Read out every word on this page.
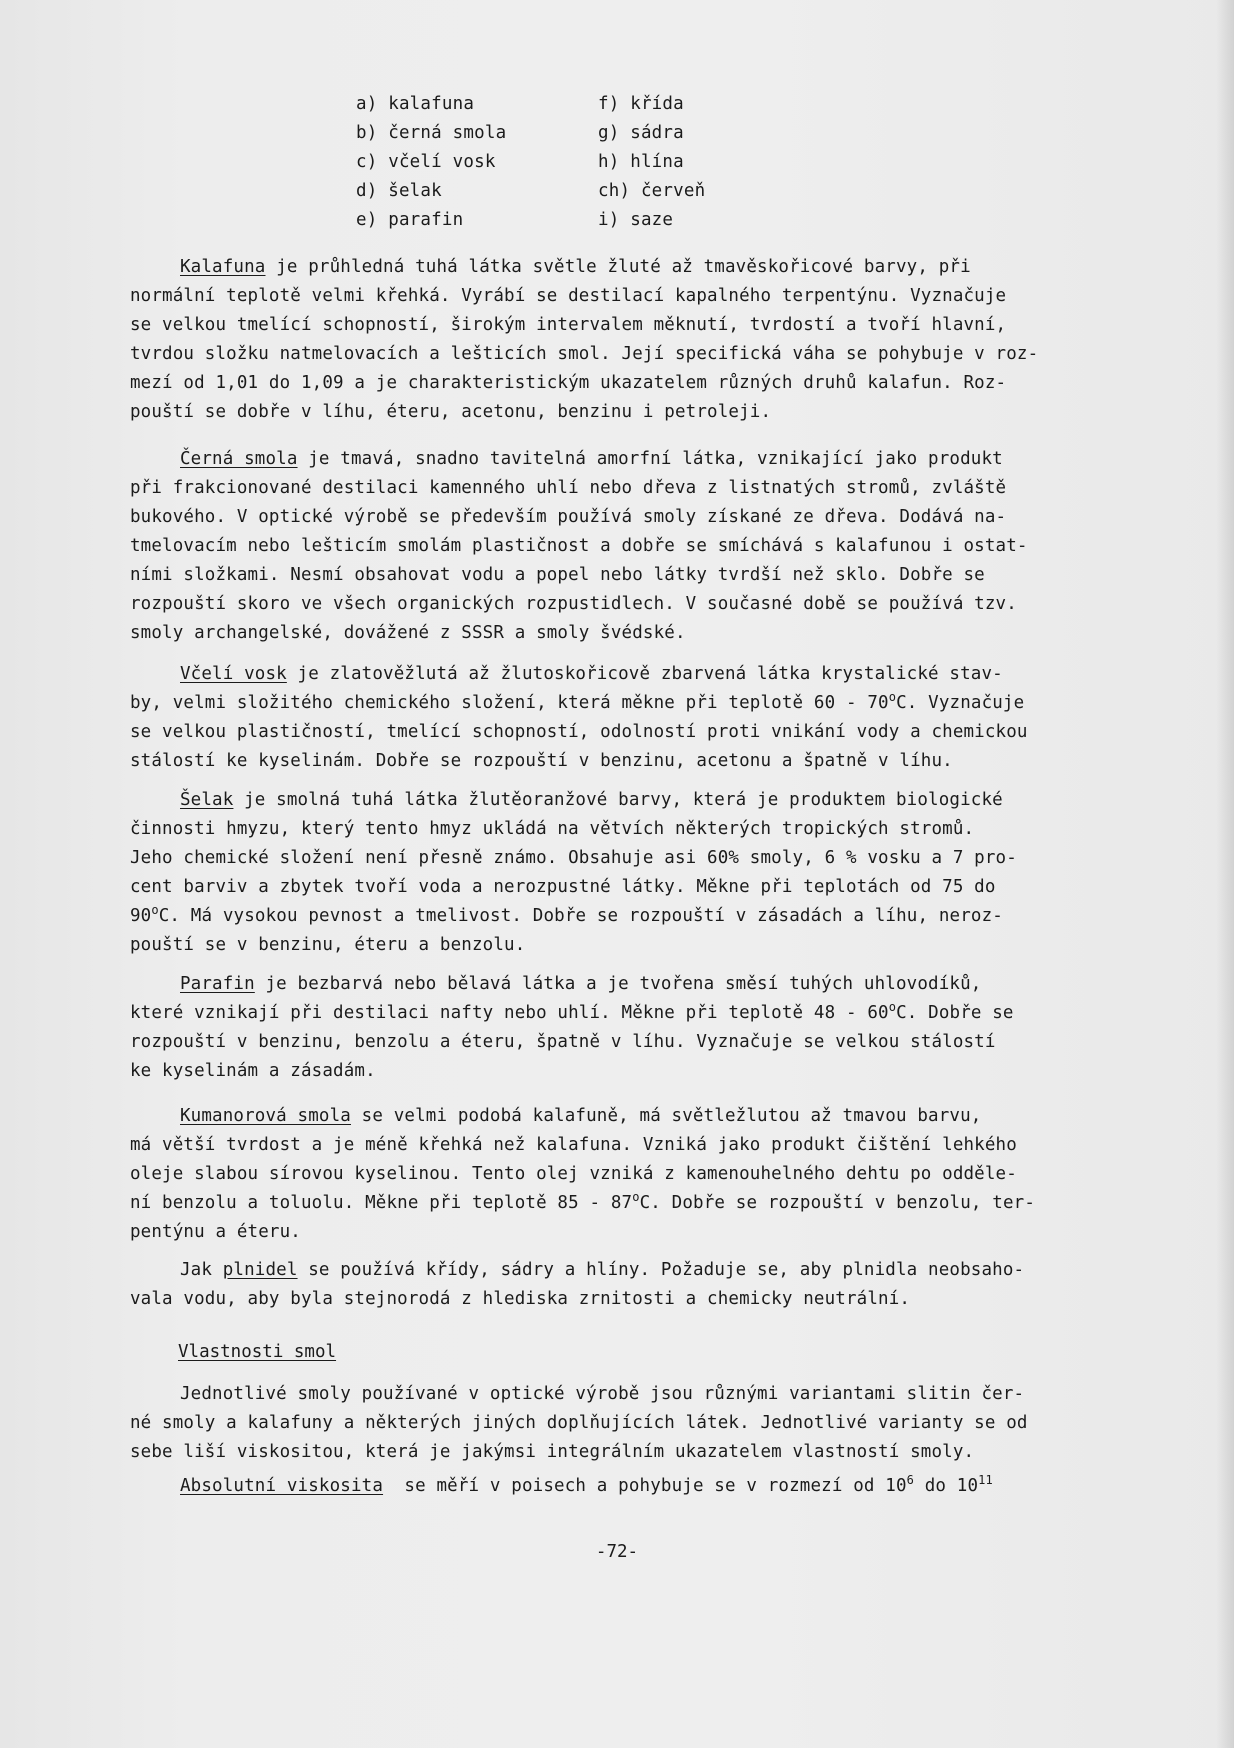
a) kalafuna
b) černá smola
c) včelí vosk
d) šelak
e) parafin
f) křída
g) sádra
h) hlína
ch) červeň
i) saze
Kalafuna je průhledná tuhá látka světle žluté až tmavěskořicové barvy, při
normální teplotě velmi křehká. Vyrábí se destilací kapalného terpentýnu. Vyznačuje
se velkou tmelící schopností, širokým intervalem měknutí, tvrdostí a tvoří hlavní,
tvrdou složku natmelovacích a lešticích smol. Její specifická váha se pohybuje v roz-
mezí od 1,01 do 1,09 a je charakteristickým ukazatelem různých druhů kalafun. Roz-
pouští se dobře v líhu, éteru, acetonu, benzinu i petroleji.
Černá smola je tmavá, snadno tavitelná amorfní látka, vznikající jako produkt
při frakcionované destilaci kamenného uhlí nebo dřeva z listnatých stromů, zvláště
bukového. V optické výrobě se především používá smoly získané ze dřeva. Dodává na-
tmelovacím nebo lešticím smolám plastičnost a dobře se smíchává s kalafunou i ostat-
ními složkami. Nesmí obsahovat vodu a popel nebo látky tvrdší než sklo. Dobře se
rozpouští skoro ve všech organických rozpustidlech. V současné době se používá tzv.
smoly archangelské, dovážené z SSSR a smoly švédské.
Včelí vosk je zlatověžlutá až žlutoskořicově zbarvená látka krystalické stav-
by, velmi složitého chemického složení, která měkne při teplotě 60 - 70$^o$C. Vyznačuje
se velkou plastičností, tmelící schopností, odolností proti vnikání vody a chemickou
stálostí ke kyselinám. Dobře se rozpouští v benzinu, acetonu a špatně v líhu.
Šelak je smolná tuhá látka žlutěoranžové barvy, která je produktem biologické
činnosti hmyzu, který tento hmyz ukládá na větvích některých tropických stromů.
Jeho chemické složení není přesně známo. Obsahuje asi 60% smoly, 6 % vosku a 7 pro-
cent barviv a zbytek tvoří voda a nerozpustné látky. Měkne při teplotách od 75 do
90$^o$C. Má vysokou pevnost a tmelivost. Dobře se rozpouští v zásadách a líhu, neroz-
pouští se v benzinu, éteru a benzolu.
Parafin je bezbarvá nebo bělavá látka a je tvořena směsí tuhých uhlovodíků,
které vznikají při destilaci nafty nebo uhlí. Měkne při teplotě 48 - 60$^o$C. Dobře se
rozpouští v benzinu, benzolu a éteru, špatně v líhu. Vyznačuje se velkou stálostí
ke kyselinám a zásadám.
Kumanorová smola se velmi podobá kalafuně, má světležlutou až tmavou barvu,
má větší tvrdost a je méně křehká než kalafuna. Vzniká jako produkt čištění lehkého
oleje slabou sírovou kyselinou. Tento olej vzniká z kamenouhelného dehtu po odděle-
ní benzolu a toluolu. Měkne při teplotě 85 - 87$^o$C. Dobře se rozpouští v benzolu, ter-
pentýnu a éteru.
Jak plnidel se používá křídy, sádry a hlíny. Požaduje se, aby plnidla neobsaho-
vala vodu, aby byla stejnorodá z hlediska zrnitosti a chemicky neutrální.
Vlastnosti smol
Jednotlivé smoly používané v optické výrobě jsou různými variantami slitin čer-
né smoly a kalafuny a některých jiných doplňujících látek. Jednotlivé varianty se od
sebe liší viskositou, která je jakýmsi integrálním ukazatelem vlastností smoly.
Absolutní viskosita se měří v poisech a pohybuje se v rozmezí od $10^6$ do $10^{11}$
-72-
